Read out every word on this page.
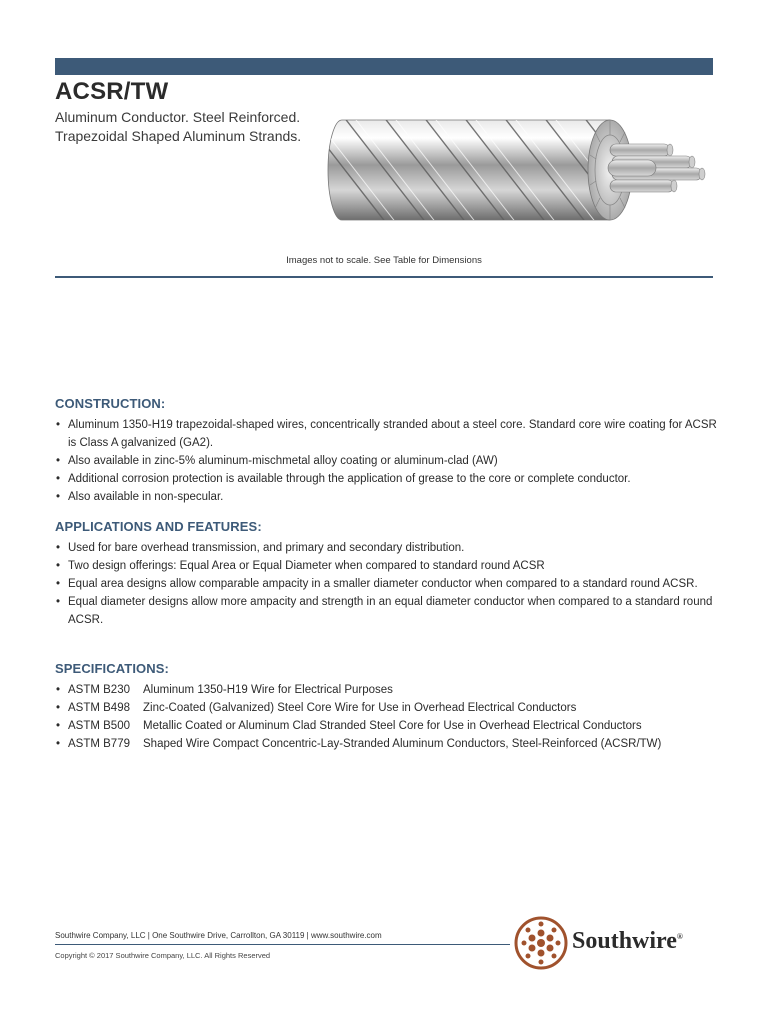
ACSR/TW
Aluminum Conductor. Steel Reinforced.
Trapezoidal Shaped Aluminum Strands.
Images not to scale. See Table for Dimensions
CONSTRUCTION:
• Aluminum 1350-H19 trapezoidal-shaped wires, concentrically stranded about a steel core. Standard core wire coating for ACSR is Class A galvanized (GA2).
• Also available in zinc-5% aluminum-mischmetal alloy coating or aluminum-clad (AW)
• Additional corrosion protection is available through the application of grease to the core or complete conductor.
• Also available in non-specular.
APPLICATIONS AND FEATURES:
• Used for bare overhead transmission, and primary and secondary distribution.
• Two design offerings: Equal Area or Equal Diameter when compared to standard round ACSR
• Equal area designs allow comparable ampacity in a smaller diameter conductor when compared to a standard round ACSR.
• Equal diameter designs allow more ampacity and strength in an equal diameter conductor when compared to a standard round ACSR.
SPECIFICATIONS:
• ASTM B230 Aluminum 1350-H19 Wire for Electrical Purposes
• ASTM B498 Zinc-Coated (Galvanized) Steel Core Wire for Use in Overhead Electrical Conductors
• ASTM B500 Metallic Coated or Aluminum Clad Stranded Steel Core for Use in Overhead Electrical Conductors
• ASTM B779 Shaped Wire Compact Concentric-Lay-Stranded Aluminum Conductors, Steel-Reinforced (ACSR/TW)
Southwire Company, LLC | One Southwire Drive, Carrollton, GA 30119 | www.southwire.com
Copyright © 2017 Southwire Company, LLC. All Rights Reserved
Southwire®
